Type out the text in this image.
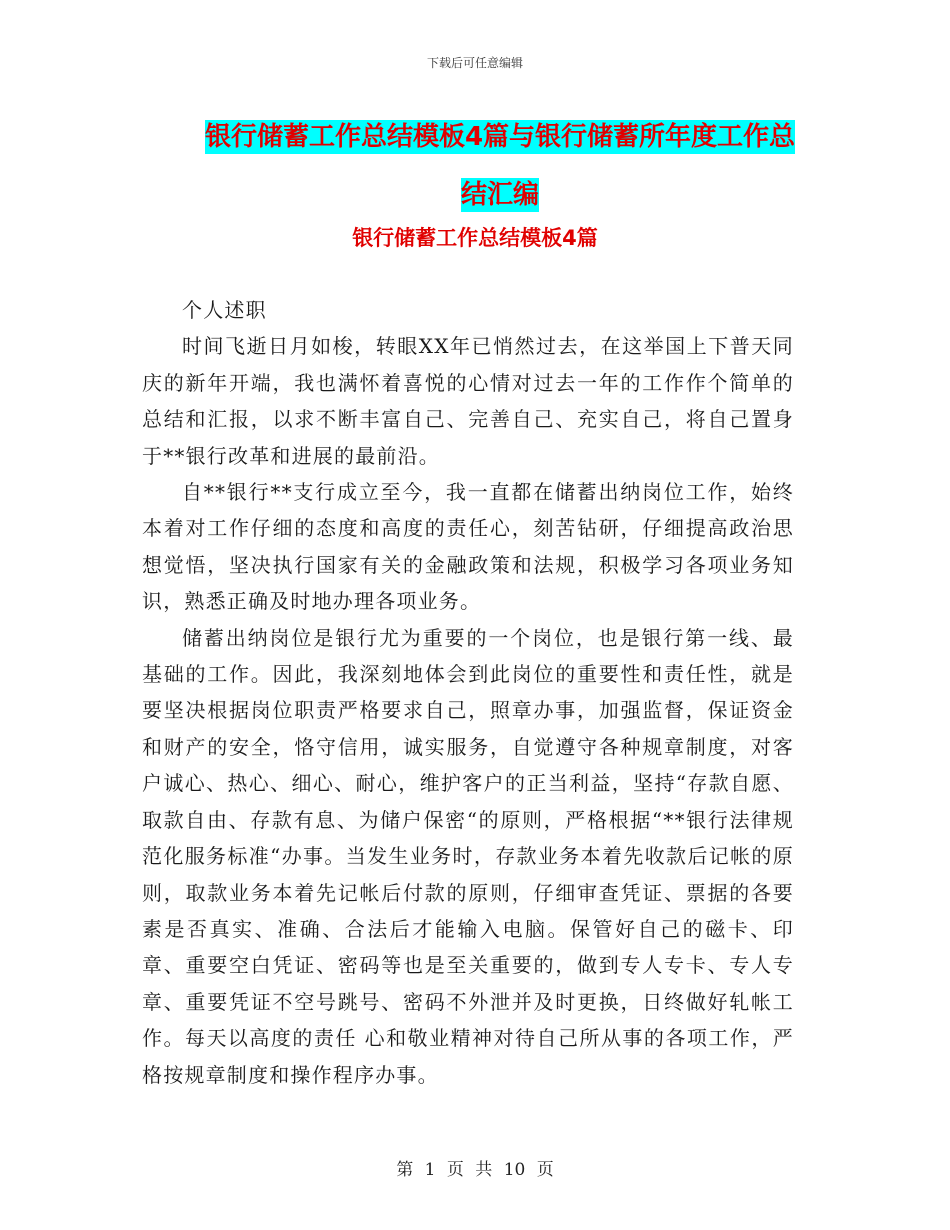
下载后可任意编辑
银行储蓄工作总结模板4篇与银行储蓄所年度工作总
结汇编
银行储蓄工作总结模板4篇

个人述职

时间飞逝日月如梭，转眼XX年已悄然过去，在这举国上下普天同庆的新年开端，我也满怀着喜悦的心情对过去一年的工作作个简单的总结和汇报，以求不断丰富自己、完善自己、充实自己，将自己置身于**银行改革和进展的最前沿。

自**银行**支行成立至今，我一直都在储蓄出纳岗位工作，始终本着对工作仔细的态度和高度的责任心，刻苦钻研，仔细提高政治思想觉悟，坚决执行国家有关的金融政策和法规，积极学习各项业务知识，熟悉正确及时地办理各项业务。

储蓄出纳岗位是银行尤为重要的一个岗位，也是银行第一线、最基础的工作。因此，我深刻地体会到此岗位的重要性和责任性，就是要坚决根据岗位职责严格要求自己，照章办事，加强监督，保证资金和财产的安全，恪守信用，诚实服务，自觉遵守各种规章制度，对客户诚心、热心、细心、耐心，维护客户的正当利益，坚持“存款自愿、取款自由、存款有息、为储户保密“的原则，严格根据“**银行法律规范化服务标准“办事。当发生业务时，存款业务本着先收款后记帐的原则，取款业务本着先记帐后付款的原则，仔细审查凭证、票据的各要素是否真实、准确、合法后才能输入电脑。保管好自己的磁卡、印章、重要空白凭证、密码等也是至关重要的，做到专人专卡、专人专章、重要凭证不空号跳号、密码不外泄并及时更换，日终做好轧帐工作。每天以高度的责任 心和敬业精神对待自己所从事的各项工作，严格按规章制度和操作程序办事。

第 1 页 共 10 页
